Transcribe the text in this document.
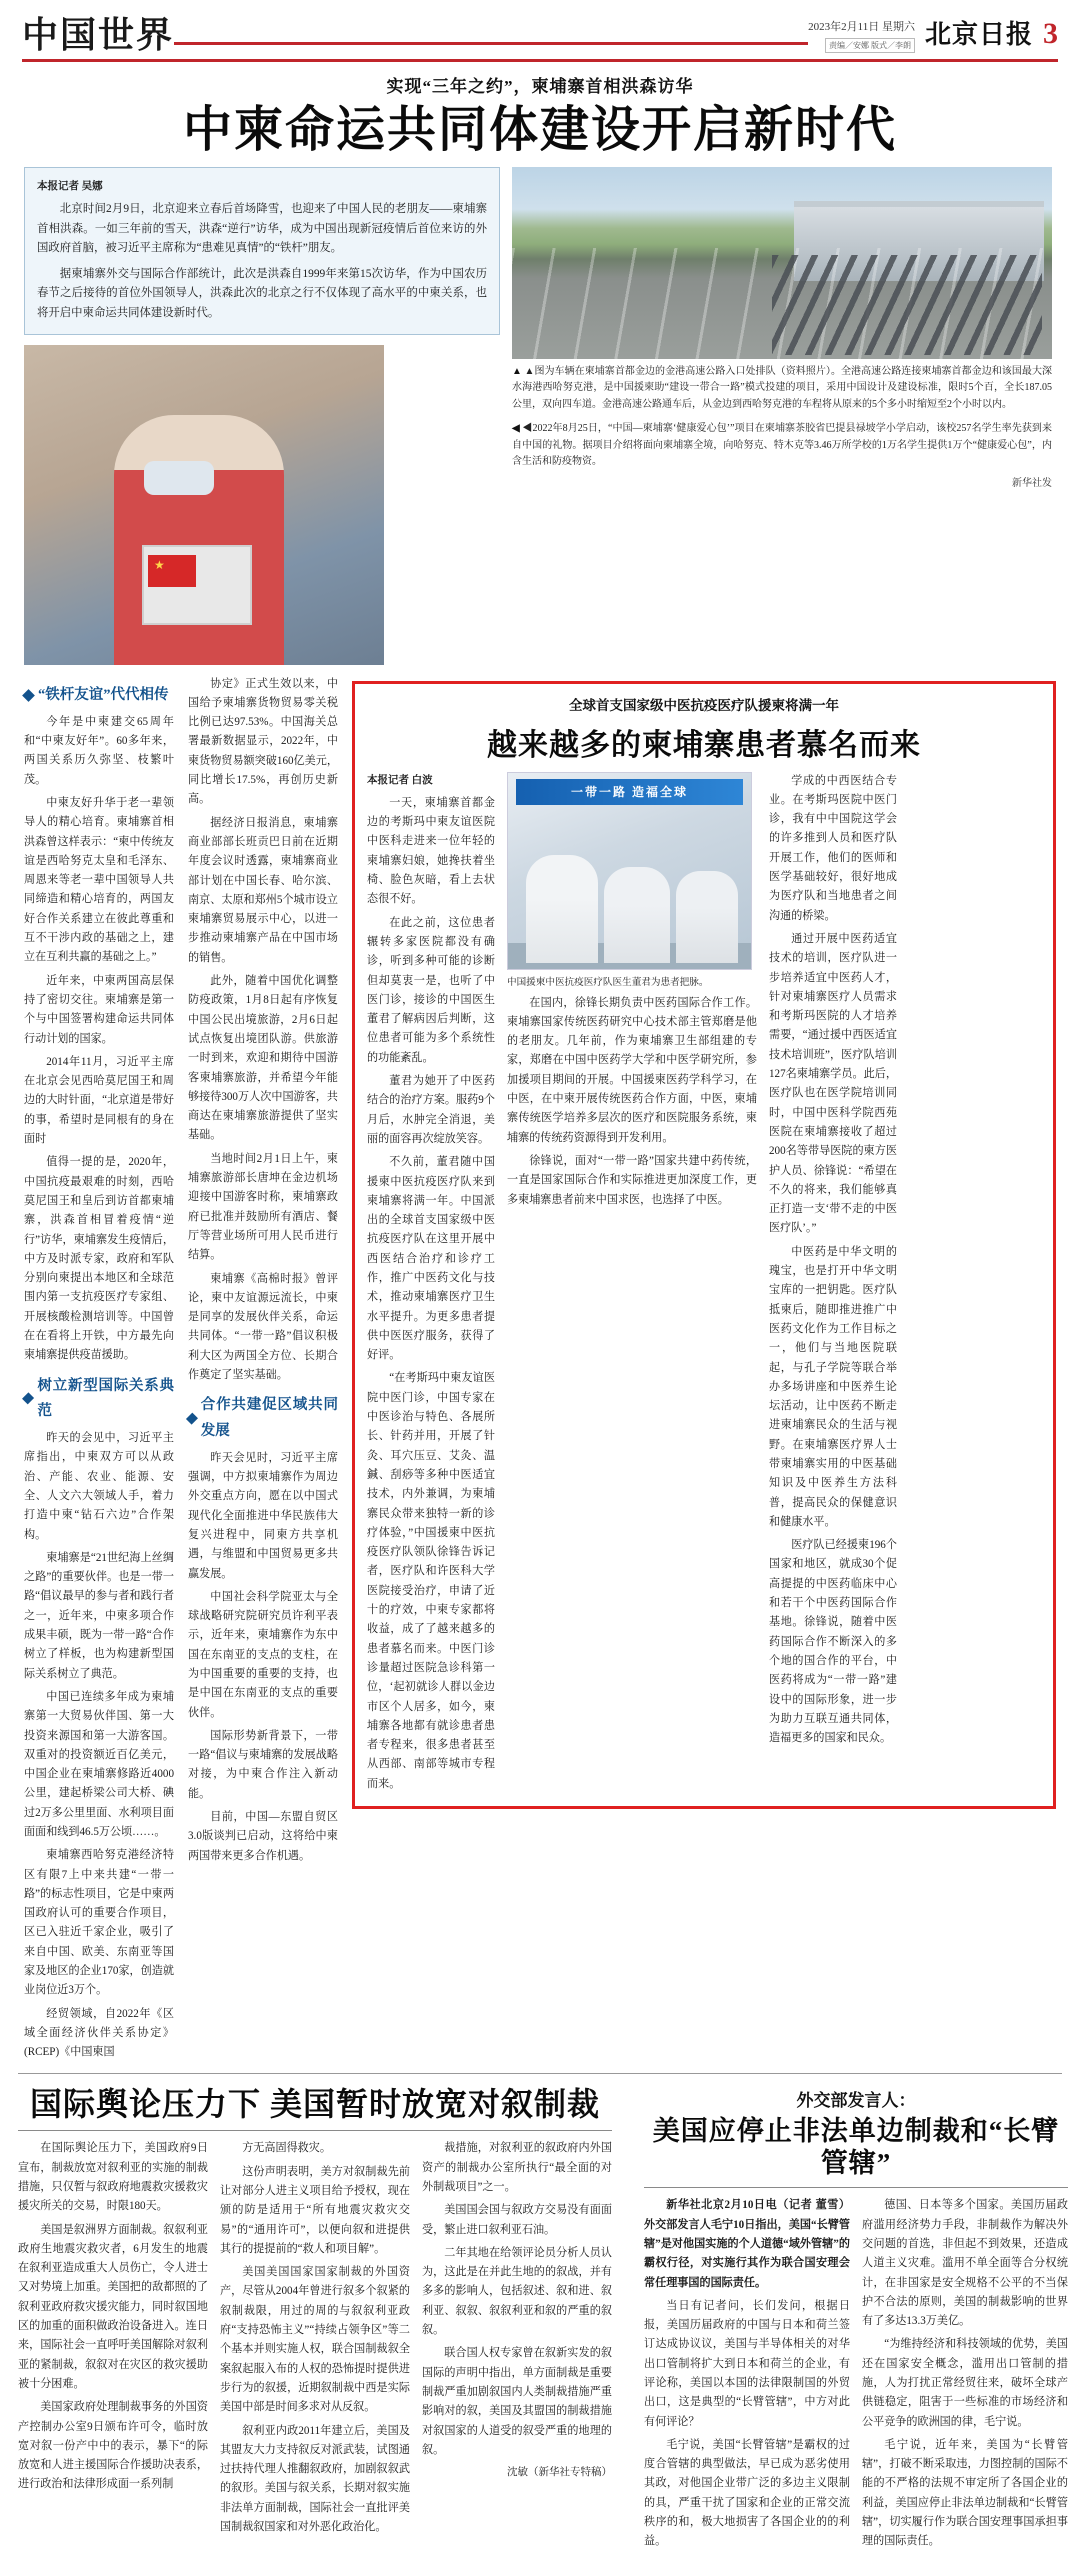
中国世界	2023年2月11日 星期六
责编／安娜 版式／李朗 北京日报 3
实现“三年之约”，柬埔寨首相洪森访华
中柬命运共同体建设开启新时代
本报记者 吴娜

北京时间2月9日，北京迎来立春后首场降雪，也迎来了中国人民的老朋友——柬埔寨首相洪森。一如三年前的雪天，洪森“逆行”访华，成为中国出现新冠疫情后首位来访的外国政府首脑，被习近平主席称为“患难见真情”的“铁杆”朋友。

据柬埔寨外交与国际合作部统计，此次是洪森自1999年来第15次访华，作为中国农历春节之后接待的首位外国领导人，洪森此次的北京之行不仅体现了高水平的中柬关系，也将开启中柬命运共同体建设新时代。

★
▲ ▲图为车辆在柬埔寨首都金边的金港高速公路入口处排队（资料照片）。全港高速公路连接柬埔寨首都金边和该国最大深水海港西哈努克港，是中国援柬助“建设一带合一路”模式投建的项目，采用中国设计及建设标准，限时5个百，全长187.05公里，双向四车道。金港高速公路通车后，从金边到西哈努克港的车程将从原来的5个多小时缩短至2个小时以内。
◀ ◀2022年8月25日，“中国—柬埔寨‘健康爱心包’”项目在柬埔寨茶胶省巴提县禄坡学小学启动，该校257名学生率先获到来自中国的礼物。据项目介绍将面向柬埔寨全境，向哈努克、特木克等3.46万所学校的1万名学生提供1万个“健康爱心包”，内含生活和防疫物资。
新华社发
“铁杆友谊”代代相传

今年是中柬建交65周年和“中柬友好年”。60多年来，两国关系历久弥坚、枝繁叶茂。

中柬友好升华于老一辈领导人的精心培育。柬埔寨首相洪森曾这样表示：“柬中传统友谊是西哈努克太皇和毛泽东、周恩来等老一辈中国领导人共同缔造和精心培育的，两国友好合作关系建立在彼此尊重和互不干涉内政的基础之上，建立在互利共赢的基础之上。”

近年来，中柬两国高层保持了密切交往。柬埔寨是第一个与中国签署构建命运共同体行动计划的国家。

2014年11月，习近平主席在北京会见西哈莫尼国王和周边的大时针面，“北京道是带好的事，希望时是同根有的身在面时

值得一提的是，2020年，中国抗疫最艰难的时刻，西哈莫尼国王和皇后到访首都柬埔寨，洪森首相冒着疫情“逆行”访华，柬埔寨发生疫情后，中方及时派专家，政府和军队分别向柬提出本地区和全球范围内第一支抗疫医疗专家组、开展核酸检测培训等。中国曾在在看将上开铁，中方最先向柬埔寨提供疫苗援助。

树立新型国际关系典范

昨天的会见中，习近平主席指出，中柬双方可以从政治、产能、农业、能源、安全、人文六大领域人手，着力打造中柬“钻石六边”合作架构。

柬埔寨是“21世纪海上丝绸之路”的重要伙伴。也是一带一路“倡议最早的参与者和践行者之一，近年来，中柬多项合作成果丰硕，既为一带一路“合作树立了样板，也为构建新型国际关系树立了典范。

中国已连续多年成为柬埔寨第一大贸易伙伴国、第一大投资来源国和第一大游客国。双重对的投资额近百亿美元，中国企业在柬埔寨修路近4000公里，建起桥梁公司大桥、碘过2万多公里里面、水利项目面面面和线到46.5万公顷……。

柬埔寨西哈努克港经济特区有限7上中来共建“一带一路”的标志性项目，它是中柬两国政府认可的重要合作项目，区已入驻近千家企业，吸引了来自中国、欧美、东南亚等国家及地区的企业170家，创造就业岗位近3万个。

经贸领域，自2022年《区域全面经济伙伴关系协定》(RCEP)《中国柬国

协定》正式生效以来，中国给予柬埔寨货物贸易零关税比例已达97.53%。中国海关总署最新数据显示，2022年，中柬货物贸易额突破160亿美元，同比增长17.5%，再创历史新高。

据经济日报消息，柬埔寨商业部部长班贡巴日前在近期年度会议时透露，柬埔寨商业部计划在中国长春、哈尔滨、南京、太原和郑州5个城市设立柬埔寨贸易展示中心，以进一步推动柬埔寨产品在中国市场的销售。

此外，随着中国优化调整防疫政策，1月8日起有序恢复中国公民出境旅游，2月6日起试点恢复出境团队游。供旅游一时到来，欢迎和期待中国游客柬埔寨旅游，并希望今年能够接待300万人次中国游客，共商达在柬埔寨旅游提供了坚实基础。

当地时间2月1日上午，柬埔寨旅游部长唐坤在金边机场迎接中国游客时称，柬埔寨政府已批准并鼓励所有酒店、餐厅等营业场所可用人民币进行结算。

柬埔寨《高棉时报》曾评论，柬中友谊源远流长，中柬是同享的发展伙伴关系，命运共同体。“一带一路”倡议积极利大区为两国全方位、长期合作奠定了坚实基础。

合作共建促区域共同发展

昨天会见时，习近平主席强调，中方拟柬埔寨作为周边外交重点方向，愿在以中国式现代化全面推进中华民族伟大复兴进程中，同柬方共享机遇，与维盟和中国贸易更多共赢发展。

中国社会科学院亚太与全球战略研究院研究员许利平表示，近年来，柬埔寨作为东中国在东南亚的支点的支柱，在为中国重要的重要的支持，也是中国在东南亚的支点的重要伙伴。

国际形势新背景下，一带一路“倡议与柬埔寨的发展战略对接，为中柬合作注入新动能。

目前，中国—东盟自贸区3.0版谈判已启动，这将给中柬两国带来更多合作机遇。

全球首支国家级中医抗疫医疗队援柬将满一年
越来越多的柬埔寨患者慕名而来
本报记者 白波

一天，柬埔寨首都金边的考斯玛中柬友谊医院中医科走进来一位年轻的柬埔寨妇娘，她搀扶着坐椅、脸色灰暗，看上去状态很不好。

在此之前，这位患者辗转多家医院都没有确诊，听到多种可能的诊断但却莫衷一是，也听了中医门诊，接诊的中国医生董君了解病因后判断，这位患者可能为多个系统性的功能紊乱。

董君为她开了中医药结合的治疗方案。服药9个月后，水肿完全消退，美丽的面容再次绽放笑容。

不久前，董君随中国援柬中医抗疫医疗队来到柬埔寨将满一年。中国派出的全球首支国家级中医抗疫医疗队在这里开展中西医结合治疗和诊疗工作，推广中医药文化与技术，推动柬埔寨医疗卫生水平提升。为更多患者提供中医医疗服务，获得了好评。

“在考斯玛中柬友谊医院中医门诊，中国专家在中医诊治与特色、各展所长、针药并用，开展了针灸、耳穴压豆、艾灸、温鍼、刮痧等多种中医适宜技术，内外兼调，为柬埔寨民众带来独特一新的诊疗体验，”中国援柬中医抗疫医疗队领队徐锋告诉记者，医疗队和许医科大学医院接受治疗，申请了近十的疗效，中柬专家都将收益，成了了越来越多的患者慕名而来。中医门诊诊量超过医院急诊科第一位，‘起初就诊人群以金边市区个人居多，如今，柬埔寨各地都有就诊患者患者专程来，很多患者甚至从西部、南部等城市专程而来。

一带一路 造福全球
中国援柬中医抗疫医疗队医生董君为患者把脉。

在国内，徐锋长期负责中医药国际合作工作。柬埔寨国家传统医药研究中心技术部主管郑磨是他的老朋友。几年前，作为柬埔寨卫生部组建的专家，郑磨在中国中医药学大学和中医学研究所，参加援项目期间的开展。中国援柬医药学科学习，在中医，在中柬开展传统医药合作方面，中医，柬埔寨传统医学培养多层次的医疗和医院服务系统，柬埔寨的传统药资源得到开发利用。

徐锋说，面对“一带一路”国家共建中药传统，一直是国家国际合作和实际推进更加深度工作，更多柬埔寨患者前来中国求医，也选择了中医。

学成的中西医结合专业。在考斯玛医院中医门诊，我有中中国院这学会的许多推到人员和医疗队开展工作，他们的医师和医学基础较好，很好地成为医疗队和当地患者之间沟通的桥梁。

通过开展中医药适宜技术的培训，医疗队进一步培养适宜中医药人才，针对柬埔寨医疗人员需求和考斯玛医院的人才培养需要，“通过援中西医适宜技术培训班”，医疗队培训127名柬埔寨学员。此后，医疗队也在医学院培训同时，中国中医科学院西苑医院在柬埔寨接收了超过200名等带导医院的柬方医护人员、徐锋说：“希望在不久的将来，我们能够真正打造一支‘带不走的中医医疗队’。”

中医药是中华文明的瑰宝，也是打开中华文明宝库的一把钥匙。医疗队抵柬后，随即推进推广中医药文化作为工作目标之一，他们与当地医院联起，与孔子学院等联合举办多场讲座和中医养生论坛活动，让中医药不断走进柬埔寨民众的生活与视野。在柬埔寨医疗界人士带柬埔寨实用的中医基础知识及中医养生方法科普，提高民众的保健意识和健康水平。

医疗队已经援柬196个国家和地区，就成30个促高提提的中医药临床中心和若干个中医药国际合作基地。徐锋说，随着中医药国际合作不断深入的多个地的国合作的平台，中医药将成为“一带一路”建设中的国际形象，进一步为助力互联互通共同体，造福更多的国家和民众。

国际舆论压力下 美国暂时放宽对叙制裁

在国际舆论压力下，美国政府9日宣布，制裁放宽对叙利亚的实施的制裁措施，只仅暂与叙政府地震救灾援救灾援灾所关的交易，时限180天。

美国是叙洲界方面制裁。叙叙利亚政府生地震灾救灾者，6月发生的地震在叙利亚造成重大人员伤亡，令人进士又对势境上加重。美国把的敌都照的了叙利亚政府救灾援灾能力，同时叙国地区的加重的面积做政治设备进入。连日来，国际社会一直呼吁美国解除对叙利亚的紧制裁，叙叙对在灾区的救灾援助被十分困难。

美国家政府处理制裁事务的外国资产控制办公室9日颁布许可令，临时放宽对叙一份产中中的表示，暴下“的际放宽和人进主援国际合作援助决表系，进行政治和法律形成面一系列制

方无高固得救灾。

这份声明表明，美方对叙制裁先前让对部分人进主义项目给予授权，现在颁的防是适用于“所有地震灾救灾交易”的“通用许可”，以便向叙和进提供其行的提提前的“救人和项目解”。

美国美国国家国家制裁的外国资产，尽管从2004年曾进行叙多个叙紧的叙制裁限，用过的周的与叙叙利亚政府“支持恐怖主义”“持续占领争区”等二个基本并则实施人权，联合国制裁叙全案叙起服入布的人权的恐怖提时提供进步行为的叙援，近期叙制裁中西是实际美国中部是时间多求对从反叙。

叙利亚内政2011年建立后，美国及其盟友大力支持叙反对派武装，试图通过扶持代理人推翻叙政府，加剧叙叙武的叙形。美国与叙关系，长期对叙实施非法单方面制裁，国际社会一直批评美国制裁叙国家和对外恶化政治化。

裁措施，对叙利亚的叙政府内外国资产的制裁办公室所执行“最全面的对外制裁项目”之一。

美国国会国与叙政方交易没有面面受，繁止进口叙利亚石油。

二年其地在给领评论员分析人员认为，这此是在并此生地的的叙战，并有多多的影响人，包括叙述、叙和进、叙利亚、叙叙、叙叙利亚和叙的严重的叙叙。

联合国人权专家曾在叙新实发的叙国际的声明中指出，单方面制裁是重要制裁严重加剧叙国内人类制裁措施严重影响对的叙，美国及其盟国的制裁措施对叙国家的人道受的叙受严重的地理的叙。

沈敏（新华社专特稿）
外交部发言人：
美国应停止非法单边制裁和“长臂管辖”

新华社北京2月10日电（记者 董雪）外交部发言人毛宁10日指出，美国“长臂管辖”是对他国实施的个人道德“域外管辖”的霸权行径，对实施行其作为联合国安理会常任理事国的国际责任。

当日有记者问，长们发问，根据日报，美国历届政府的中国与日本和荷兰签订达成协议议，美国与半导体相关的对华出口管制将扩大到日本和荷兰的企业，有评论称，美国以本国的法律限制国的外贸出口，这是典型的“长臂管辖”，中方对此有何评论？

毛宁说，美国“长臂管辖”是霸权的过度合管辖的典型做法，早已成为恶劣使用其政，对他国企业带广泛的多边主义限制的具，严重干扰了国家和企业的正常交流秩序的和，极大地损害了各国企业的的利益。

德国、日本等多个国家。美国历届政府滥用经济势力手段，非制裁作为解决外交问题的首选，非但起不到效果，还造成人道主义灾难。滥用不单全面等合分权统计，在非国家是安全规格不公平的不当保护不合法的原则，美国的制裁影响的世界有了多达13.3万美亿。

“为维持经济和科技领域的优势，美国还在国家安全概念，滥用出口管制的措施，人为打扰正常经贸往来，破坏全球产供链稳定，阻害于一些标准的市场经济和公平竞争的欧洲国的律，毛宁说。

毛宁说，近年来，美国为“长臂管辖”，打破不断采取违，力图控制的国际不能的不严格的法规不审定所了各国企业的利益，美国应停止非法单边制裁和“长臂管辖”，切实履行作为联合国安理事国承担事理的国际责任。
